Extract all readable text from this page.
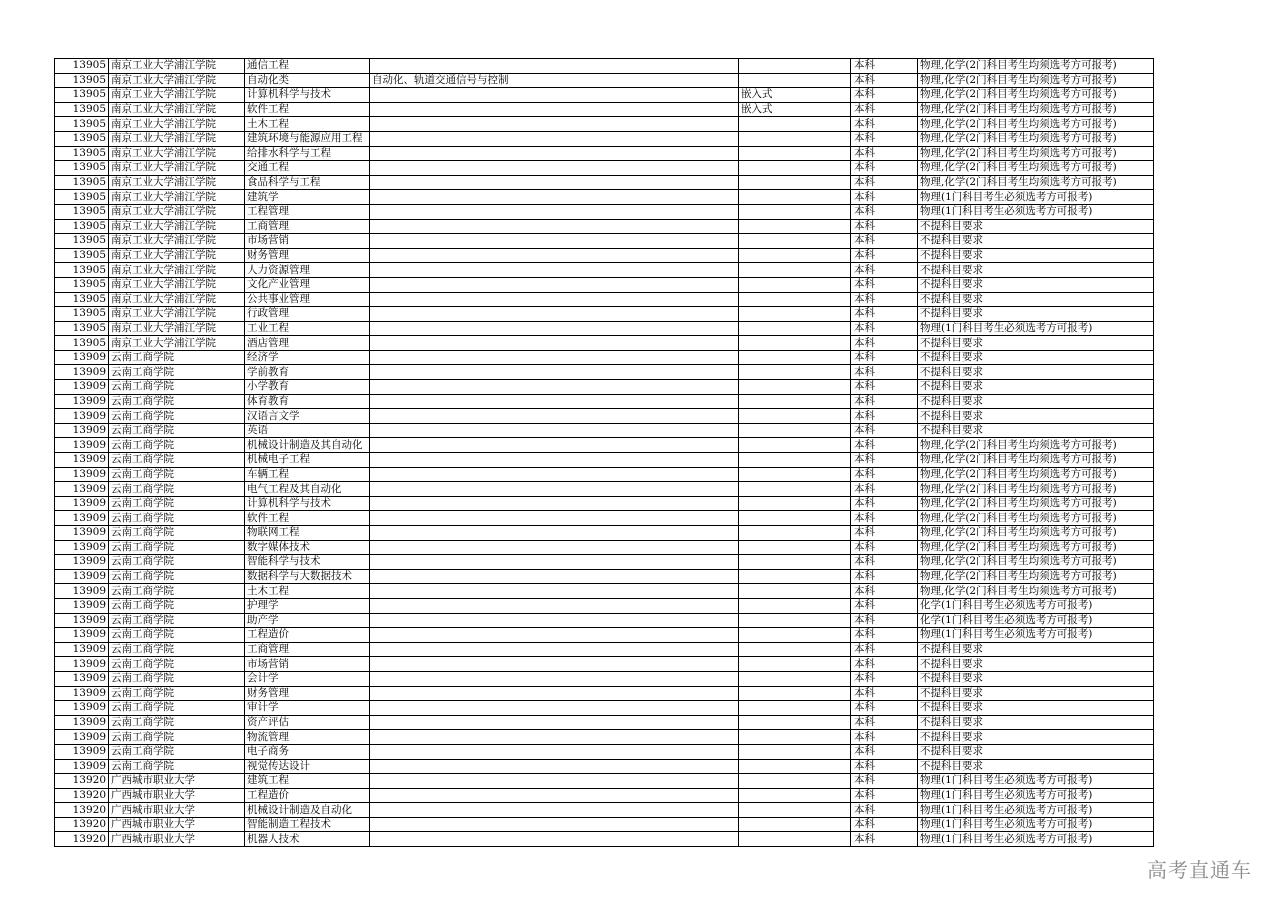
13905	南京工业大学浦江学院	通信工程			本科	物理,化学(2门科目考生均须选考方可报考)
13905	南京工业大学浦江学院	自动化类	自动化、轨道交通信号与控制		本科	物理,化学(2门科目考生均须选考方可报考)
13905	南京工业大学浦江学院	计算机科学与技术		嵌入式	本科	物理,化学(2门科目考生均须选考方可报考)
13905	南京工业大学浦江学院	软件工程		嵌入式	本科	物理,化学(2门科目考生均须选考方可报考)
13905	南京工业大学浦江学院	土木工程			本科	物理,化学(2门科目考生均须选考方可报考)
13905	南京工业大学浦江学院	建筑环境与能源应用工程			本科	物理,化学(2门科目考生均须选考方可报考)
13905	南京工业大学浦江学院	给排水科学与工程			本科	物理,化学(2门科目考生均须选考方可报考)
13905	南京工业大学浦江学院	交通工程			本科	物理,化学(2门科目考生均须选考方可报考)
13905	南京工业大学浦江学院	食品科学与工程			本科	物理,化学(2门科目考生均须选考方可报考)
13905	南京工业大学浦江学院	建筑学			本科	物理(1门科目考生必须选考方可报考)
13905	南京工业大学浦江学院	工程管理			本科	物理(1门科目考生必须选考方可报考)
13905	南京工业大学浦江学院	工商管理			本科	不提科目要求
13905	南京工业大学浦江学院	市场营销			本科	不提科目要求
13905	南京工业大学浦江学院	财务管理			本科	不提科目要求
13905	南京工业大学浦江学院	人力资源管理			本科	不提科目要求
13905	南京工业大学浦江学院	文化产业管理			本科	不提科目要求
13905	南京工业大学浦江学院	公共事业管理			本科	不提科目要求
13905	南京工业大学浦江学院	行政管理			本科	不提科目要求
13905	南京工业大学浦江学院	工业工程			本科	物理(1门科目考生必须选考方可报考)
13905	南京工业大学浦江学院	酒店管理			本科	不提科目要求
13909	云南工商学院	经济学			本科	不提科目要求
13909	云南工商学院	学前教育			本科	不提科目要求
13909	云南工商学院	小学教育			本科	不提科目要求
13909	云南工商学院	体育教育			本科	不提科目要求
13909	云南工商学院	汉语言文学			本科	不提科目要求
13909	云南工商学院	英语			本科	不提科目要求
13909	云南工商学院	机械设计制造及其自动化			本科	物理,化学(2门科目考生均须选考方可报考)
13909	云南工商学院	机械电子工程			本科	物理,化学(2门科目考生均须选考方可报考)
13909	云南工商学院	车辆工程			本科	物理,化学(2门科目考生均须选考方可报考)
13909	云南工商学院	电气工程及其自动化			本科	物理,化学(2门科目考生均须选考方可报考)
13909	云南工商学院	计算机科学与技术			本科	物理,化学(2门科目考生均须选考方可报考)
13909	云南工商学院	软件工程			本科	物理,化学(2门科目考生均须选考方可报考)
13909	云南工商学院	物联网工程			本科	物理,化学(2门科目考生均须选考方可报考)
13909	云南工商学院	数字媒体技术			本科	物理,化学(2门科目考生均须选考方可报考)
13909	云南工商学院	智能科学与技术			本科	物理,化学(2门科目考生均须选考方可报考)
13909	云南工商学院	数据科学与大数据技术			本科	物理,化学(2门科目考生均须选考方可报考)
13909	云南工商学院	土木工程			本科	物理,化学(2门科目考生均须选考方可报考)
13909	云南工商学院	护理学			本科	化学(1门科目考生必须选考方可报考)
13909	云南工商学院	助产学			本科	化学(1门科目考生必须选考方可报考)
13909	云南工商学院	工程造价			本科	物理(1门科目考生必须选考方可报考)
13909	云南工商学院	工商管理			本科	不提科目要求
13909	云南工商学院	市场营销			本科	不提科目要求
13909	云南工商学院	会计学			本科	不提科目要求
13909	云南工商学院	财务管理			本科	不提科目要求
13909	云南工商学院	审计学			本科	不提科目要求
13909	云南工商学院	资产评估			本科	不提科目要求
13909	云南工商学院	物流管理			本科	不提科目要求
13909	云南工商学院	电子商务			本科	不提科目要求
13909	云南工商学院	视觉传达设计			本科	不提科目要求
13920	广西城市职业大学	建筑工程			本科	物理(1门科目考生必须选考方可报考)
13920	广西城市职业大学	工程造价			本科	物理(1门科目考生必须选考方可报考)
13920	广西城市职业大学	机械设计制造及自动化			本科	物理(1门科目考生必须选考方可报考)
13920	广西城市职业大学	智能制造工程技术			本科	物理(1门科目考生必须选考方可报考)
13920	广西城市职业大学	机器人技术			本科	物理(1门科目考生必须选考方可报考)
高考直通车
